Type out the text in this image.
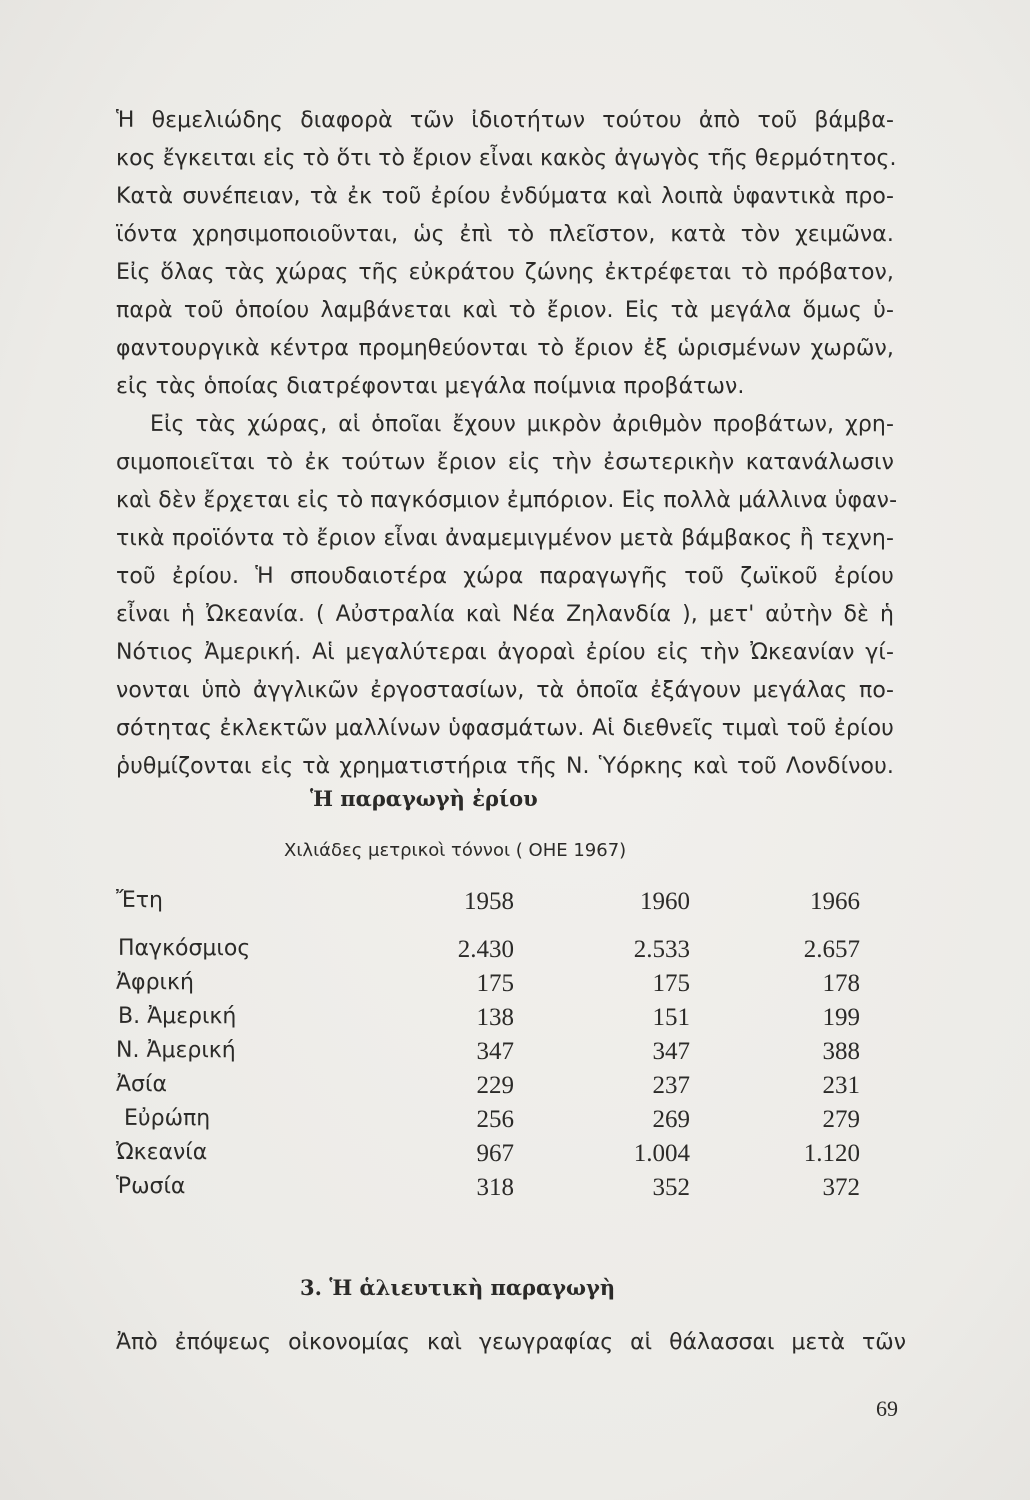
Ἡ θεμελιώδης διαφορὰ τῶν ἰδιοτήτων τούτου ἀπὸ τοῦ βάμβα-
κος ἔγκειται εἰς τὸ ὅτι τὸ ἔριον εἶναι κακὸς ἀγωγὸς τῆς θερμότητος.
Κατὰ συνέπειαν, τὰ ἐκ τοῦ ἐρίου ἐνδύματα καὶ λοιπὰ ὑφαντικὰ προ-
ϊόντα χρησιμοποιοῦνται, ὡς ἐπὶ τὸ πλεῖστον, κατὰ τὸν χειμῶνα.
Εἰς ὅλας τὰς χώρας τῆς εὐκράτου ζώνης ἐκτρέφεται τὸ πρόβατον,
παρὰ τοῦ ὁποίου λαμβάνεται καὶ τὸ ἔριον. Εἰς τὰ μεγάλα ὅμως ὑ-
φαντουργικὰ κέντρα προμηθεύονται τὸ ἔριον ἐξ ὡρισμένων χωρῶν,
εἰς τὰς ὁποίας διατρέφονται μεγάλα ποίμνια προβάτων.
Εἰς τὰς χώρας, αἱ ὁποῖαι ἔχουν μικρὸν ἀριθμὸν προβάτων, χρη-
σιμοποιεῖται τὸ ἐκ τούτων ἔριον εἰς τὴν ἐσωτερικὴν κατανάλωσιν
καὶ δὲν ἔρχεται εἰς τὸ παγκόσμιον ἐμπόριον. Εἰς πολλὰ μάλλινα ὑφαν-
τικὰ προϊόντα τὸ ἔριον εἶναι ἀναμεμιγμένον μετὰ βάμβακος ἢ τεχνη-
τοῦ ἐρίου. Ἡ σπουδαιοτέρα χώρα παραγωγῆς τοῦ ζωϊκοῦ ἐρίου
εἶναι ἡ Ὠκεανία. ( Αὐστραλία καὶ Νέα Ζηλανδία ), μετ' αὐτὴν δὲ ἡ
Νότιος Ἀμερική. Αἱ μεγαλύτεραι ἀγοραὶ ἐρίου εἰς τὴν Ὠκεανίαν γί-
νονται ὑπὸ ἀγγλικῶν ἐργοστασίων, τὰ ὁποῖα ἐξάγουν μεγάλας πο-
σότητας ἐκλεκτῶν μαλλίνων ὑφασμάτων. Αἱ διεθνεῖς τιμαὶ τοῦ ἐρίου
ῥυθμίζονται εἰς τὰ χρηματιστήρια τῆς Ν. Ὑόρκης καὶ τοῦ Λονδίνου.
Ἡ παραγωγὴ ἐρίου
Χιλιάδες μετρικοὶ τόννοι ( ΟΗΕ 1967)
Ἔτη	1958	1960	1966
Παγκόσμιος	2.430	2.533	2.657
Ἀφρική	175	175	178
Β. Ἀμερική	138	151	199
Ν. Ἀμερική	347	347	388
Ἀσία	229	237	231
Εὐρώπη	256	269	279
Ὠκεανία	967	1.004	1.120
Ῥωσία	318	352	372
3. Ἡ ἁλιευτικὴ παραγωγὴ
Ἀπὸ ἐπόψεως οἰκονομίας καὶ γεωγραφίας αἱ θάλασσαι μετὰ τῶν
69
